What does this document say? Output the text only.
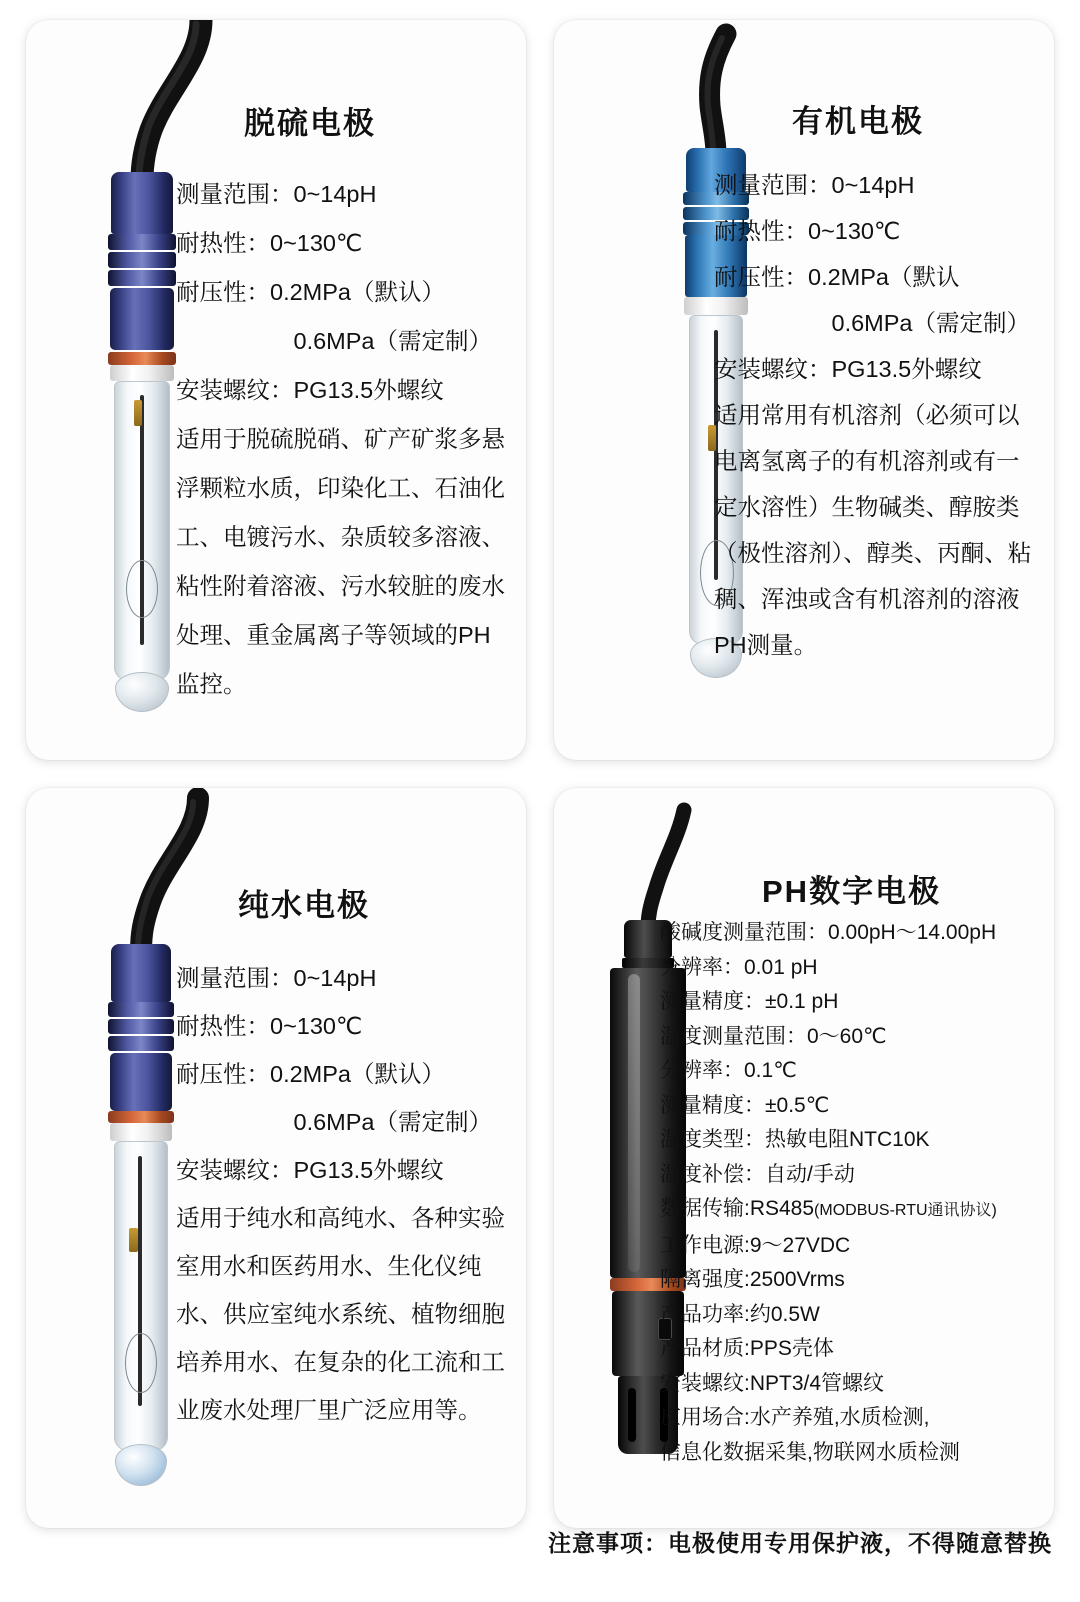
脱硫电极
测量范围：0~14pH
耐热性：0~130℃
耐压性：0.2MPa（默认）
　　　　　0.6MPa（需定制）
安装螺纹：PG13.5外螺纹
适用于脱硫脱硝、矿产矿浆多悬浮颗粒水质，印染化工、石油化工、电镀污水、杂质较多溶液、粘性附着溶液、污水较脏的废水处理、重金属离子等领域的PH监控。
有机电极
测量范围：0~14pH
耐热性：0~130℃
耐压性：0.2MPa（默认
　　　　　0.6MPa（需定制）
安装螺纹：PG13.5外螺纹
适用常用有机溶剂（必须可以电离氢离子的有机溶剂或有一定水溶性）生物碱类、醇胺类（极性溶剂）、醇类、丙酮、粘稠、浑浊或含有机溶剂的溶液PH测量。
纯水电极
测量范围：0~14pH
耐热性：0~130℃
耐压性：0.2MPa（默认）
　　　　　0.6MPa（需定制）
安装螺纹：PG13.5外螺纹
适用于纯水和高纯水、各种实验室用水和医药用水、生化仪纯水、供应室纯水系统、植物细胞培养用水、在复杂的化工流和工业废水处理厂里广泛应用等。
PH数字电极
酸碱度测量范围：0.00pH～14.00pH
分辨率：0.01 pH
测量精度：±0.1 pH
温度测量范围：0～60℃
分辨率：0.1℃
测量精度：±0.5℃
温度类型：热敏电阻NTC10K
温度补偿：自动/手动
数据传输:RS485(MODBUS-RTU通讯协议)
工作电源:9～27VDC
隔离强度:2500Vrms
产品功率:约0.5W
产品材质:PPS壳体
安装螺纹:NPT3/4管螺纹
应用场合:水产养殖,水质检测,
信息化数据采集,物联网水质检测
注意事项：电极使用专用保护液，不得随意替换
